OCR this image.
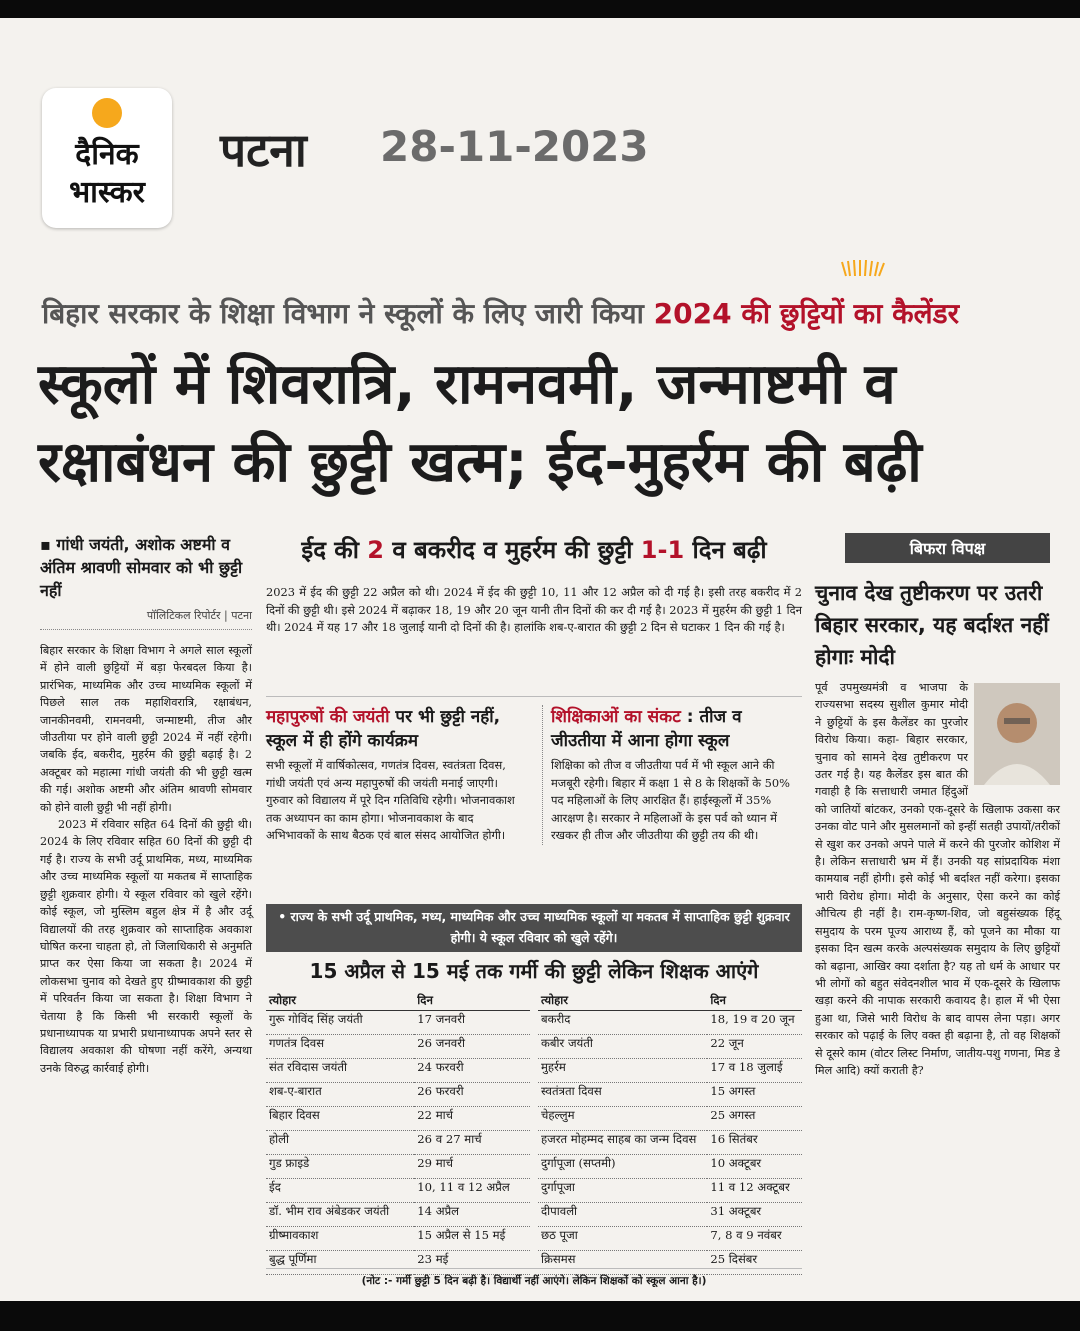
दैनिक
भास्कर
पटना 28-11-2023
बिहार सरकार के शिक्षा विभाग ने स्कूलों के लिए जारी किया 2024 की छुट्टियों का कैलेंडर
स्कूलों में शिवरात्रि, रामनवमी, जन्माष्टमी व रक्षाबंधन की छुट्टी खत्म; ईद-मुहर्रम की बढ़ी
▪ गांधी जयंती, अशोक अष्टमी व अंतिम श्रावणी सोमवार को भी छुट्टी नहीं
पॉलिटिकल रिपोर्टर | पटना

बिहार सरकार के शिक्षा विभाग ने अगले साल स्कूलों में होने वाली छुट्टियों में बड़ा फेरबदल किया है। प्रारंभिक, माध्यमिक और उच्च माध्यमिक स्कूलों में पिछले साल तक महाशिवरात्रि, रक्षाबंधन, जानकीनवमी, रामनवमी, जन्माष्टमी, तीज और जीउतीया पर होने वाली छुट्टी 2024 में नहीं रहेगी। जबकि ईद, बकरीद, मुहर्रम की छुट्टी बढ़ाई है। 2 अक्टूबर को महात्मा गांधी जयंती की भी छुट्टी खत्म की गई। अशोक अष्टमी और अंतिम श्रावणी सोमवार को होने वाली छुट्टी भी नहीं होगी।

2023 में रविवार सहित 64 दिनों की छुट्टी थी। 2024 के लिए रविवार सहित 60 दिनों की छुट्टी दी गई है। राज्य के सभी उर्दू प्राथमिक, मध्य, माध्यमिक और उच्च माध्यमिक स्कूलों या मकतब में साप्ताहिक छुट्टी शुक्रवार होगी। ये स्कूल रविवार को खुले रहेंगे। कोई स्कूल, जो मुस्लिम बहुल क्षेत्र में है और उर्दू विद्यालयों की तरह शुक्रवार को साप्ताहिक अवकाश घोषित करना चाहता हो, तो जिलाधिकारी से अनुमति प्राप्त कर ऐसा किया जा सकता है। 2024 में लोकसभा चुनाव को देखते हुए ग्रीष्मावकाश की छुट्टी में परिवर्तन किया जा सकता है। शिक्षा विभाग ने चेताया है कि किसी भी सरकारी स्कूलों के प्रधानाध्यापक या प्रभारी प्रधानाध्यापक अपने स्तर से विद्यालय अवकाश की घोषणा नहीं करेंगे, अन्यथा उनके विरुद्ध कार्रवाई होगी।

ईद की 2 व बकरीद व मुहर्रम की छुट्टी 1-1 दिन बढ़ी
2023 में ईद की छुट्टी 22 अप्रैल को थी। 2024 में ईद की छुट्टी 10, 11 और 12 अप्रैल को दी गई है। इसी तरह बकरीद में 2 दिनों की छुट्टी थी। इसे 2024 में बढ़ाकर 18, 19 और 20 जून यानी तीन दिनों की कर दी गई है। 2023 में मुहर्रम की छुट्टी 1 दिन थी। 2024 में यह 17 और 18 जुलाई यानी दो दिनों की है। हालांकि शब-ए-बारात की छुट्टी 2 दिन से घटाकर 1 दिन की गई है।
महापुरुषों की जयंती पर भी छुट्टी नहीं, स्कूल में ही होंगे कार्यक्रम
सभी स्कूलों में वार्षिकोत्सव, गणतंत्र दिवस, स्वतंत्रता दिवस, गांधी जयंती एवं अन्य महापुरुषों की जयंती मनाई जाएगी। गुरुवार को विद्यालय में पूरे दिन गतिविधि रहेगी। भोजनावकाश तक अध्यापन का काम होगा। भोजनावकाश के बाद अभिभावकों के साथ बैठक एवं बाल संसद आयोजित होगी।
शिक्षिकाओं का संकट : तीज व जीउतीया में आना होगा स्कूल
शिक्षिका को तीज व जीउतीया पर्व में भी स्कूल आने की मजबूरी रहेगी। बिहार में कक्षा 1 से 8 के शिक्षकों के 50% पद महिलाओं के लिए आरक्षित हैं। हाईस्कूलों में 35% आरक्षण है। सरकार ने महिलाओं के इस पर्व को ध्यान में रखकर ही तीज और जीउतीया की छुट्टी तय की थी।
• राज्य के सभी उर्दू प्राथमिक, मध्य, माध्यमिक और उच्च माध्यमिक स्कूलों या मकतब में साप्ताहिक छुट्टी शुक्रवार होगी। ये स्कूल रविवार को खुले रहेंगे।
15 अप्रैल से 15 मई तक गर्मी की छुट्टी लेकिन शिक्षक आएंगे
त्योहार	दिन
गुरू गोविंद सिंह जयंती	17 जनवरी
गणतंत्र दिवस	26 जनवरी
संत रविदास जयंती	24 फरवरी
शब-ए-बारात	26 फरवरी
बिहार दिवस	22 मार्च
होली	26 व 27 मार्च
गुड फ्राइडे	29 मार्च
ईद	10, 11 व 12 अप्रैल
डॉ. भीम राव अंबेडकर जयंती	14 अप्रैल
ग्रीष्मावकाश	15 अप्रैल से 15 मई
बुद्ध पूर्णिमा	23 मई
त्योहार	दिन
बकरीद	18, 19 व 20 जून
कबीर जयंती	22 जून
मुहर्रम	17 व 18 जुलाई
स्वतंत्रता दिवस	15 अगस्त
चेहल्लुम	25 अगस्त
हजरत मोहम्मद साहब का जन्म दिवस	16 सितंबर
दुर्गापूजा (सप्तमी)	10 अक्टूबर
दुर्गापूजा	11 व 12 अक्टूबर
दीपावली	31 अक्टूबर
छठ पूजा	7, 8 व 9 नवंबर
क्रिसमस	25 दिसंबर
(नोट :- गर्मी छुट्टी 5 दिन बढ़ी है। विद्यार्थी नहीं आएंगे। लेकिन शिक्षकों को स्कूल आना है।)
बिफरा विपक्ष
चुनाव देख तुष्टीकरण पर उतरी बिहार सरकार, यह बर्दाश्त नहीं होगाः मोदी
पूर्व उपमुख्यमंत्री व भाजपा के राज्यसभा सदस्य सुशील कुमार मोदी ने छुट्टियों के इस कैलेंडर का पुरजोर विरोध किया। कहा- बिहार सरकार, चुनाव को सामने देख तुष्टीकरण पर उतर गई है। यह कैलेंडर इस बात की गवाही है कि सत्ताधारी जमात हिंदुओं को जातियों बांटकर, उनको एक-दूसरे के खिलाफ उकसा कर उनका वोट पाने और मुसलमानों को इन्हीं सतही उपायों/तरीकों से खुश कर उनको अपने पाले में करने की पुरजोर कोशिश में है। लेकिन सत्ताधारी भ्रम में हैं। उनकी यह सांप्रदायिक मंशा कामयाब नहीं होगी। इसे कोई भी बर्दाश्त नहीं करेगा। इसका भारी विरोध होगा। मोदी के अनुसार, ऐसा करने का कोई औचित्य ही नहीं है। राम-कृष्ण-शिव, जो बहुसंख्यक हिंदू समुदाय के परम पूज्य आराध्य हैं, को पूजने का मौका या इसका दिन खत्म करके अल्पसंख्यक समुदाय के लिए छुट्टियों को बढ़ाना, आखिर क्या दर्शाता है? यह तो धर्म के आधार पर भी लोगों को बहुत संवेदनशील भाव में एक-दूसरे के खिलाफ खड़ा करने की नापाक सरकारी कवायद है। हाल में भी ऐसा हुआ था, जिसे भारी विरोध के बाद वापस लेना पड़ा। अगर सरकार को पढ़ाई के लिए वक्त ही बढ़ाना है, तो वह शिक्षकों से दूसरे काम (वोटर लिस्ट निर्माण, जातीय-पशु गणना, मिड डे मिल आदि) क्यों कराती है?
